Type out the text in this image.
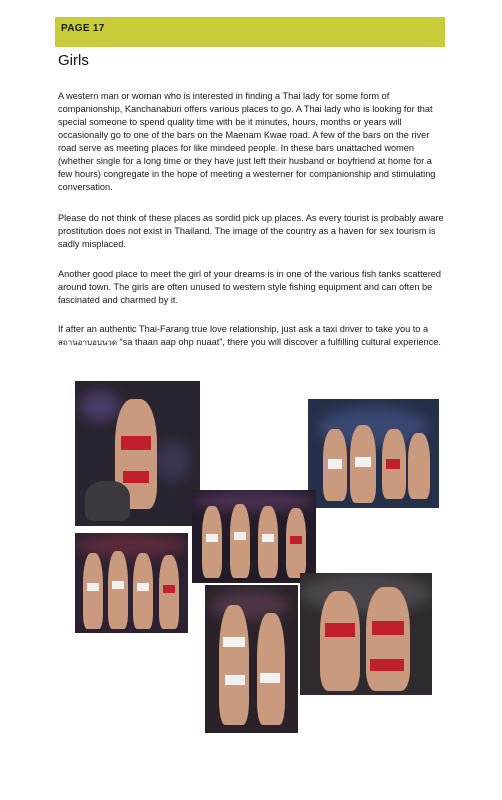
PAGE 17
Girls

A western man or woman who is interested in finding a Thai lady for some form of companionship, Kanchanaburi offers various places to go. A Thai lady who is looking for that special someone to spend quality time with be it minutes, hours, months or years will occasionally go to one of the bars on the Maenam Kwae road. A few of the bars on the river road serve as meeting places for like mindeed people. In these bars unattached women (whether single for a long time or they have just left their husband or boyfriend at home for a few hours) congregate in the hope of meeting a westerner for companionship and stimulating conversation.

Please do not think of these places as sordid pick up places. As every tourist is probably aware prostitution does not exist in Thailand. The image of the country as a haven for sex tourism is sadly misplaced.

Another good place to meet the girl of your dreams is in one of the various fish tanks scattered around town. The girls are often unused to western style fishing equipment and can often be fascinated and charmed by it.

If after an authentic Thai-Farang true love relationship, just ask a taxi driver to take you to a สถานอาบอบนวด “sa thaan aap ohp nuaat”, there you will discover a fulfilling cultural experience.
